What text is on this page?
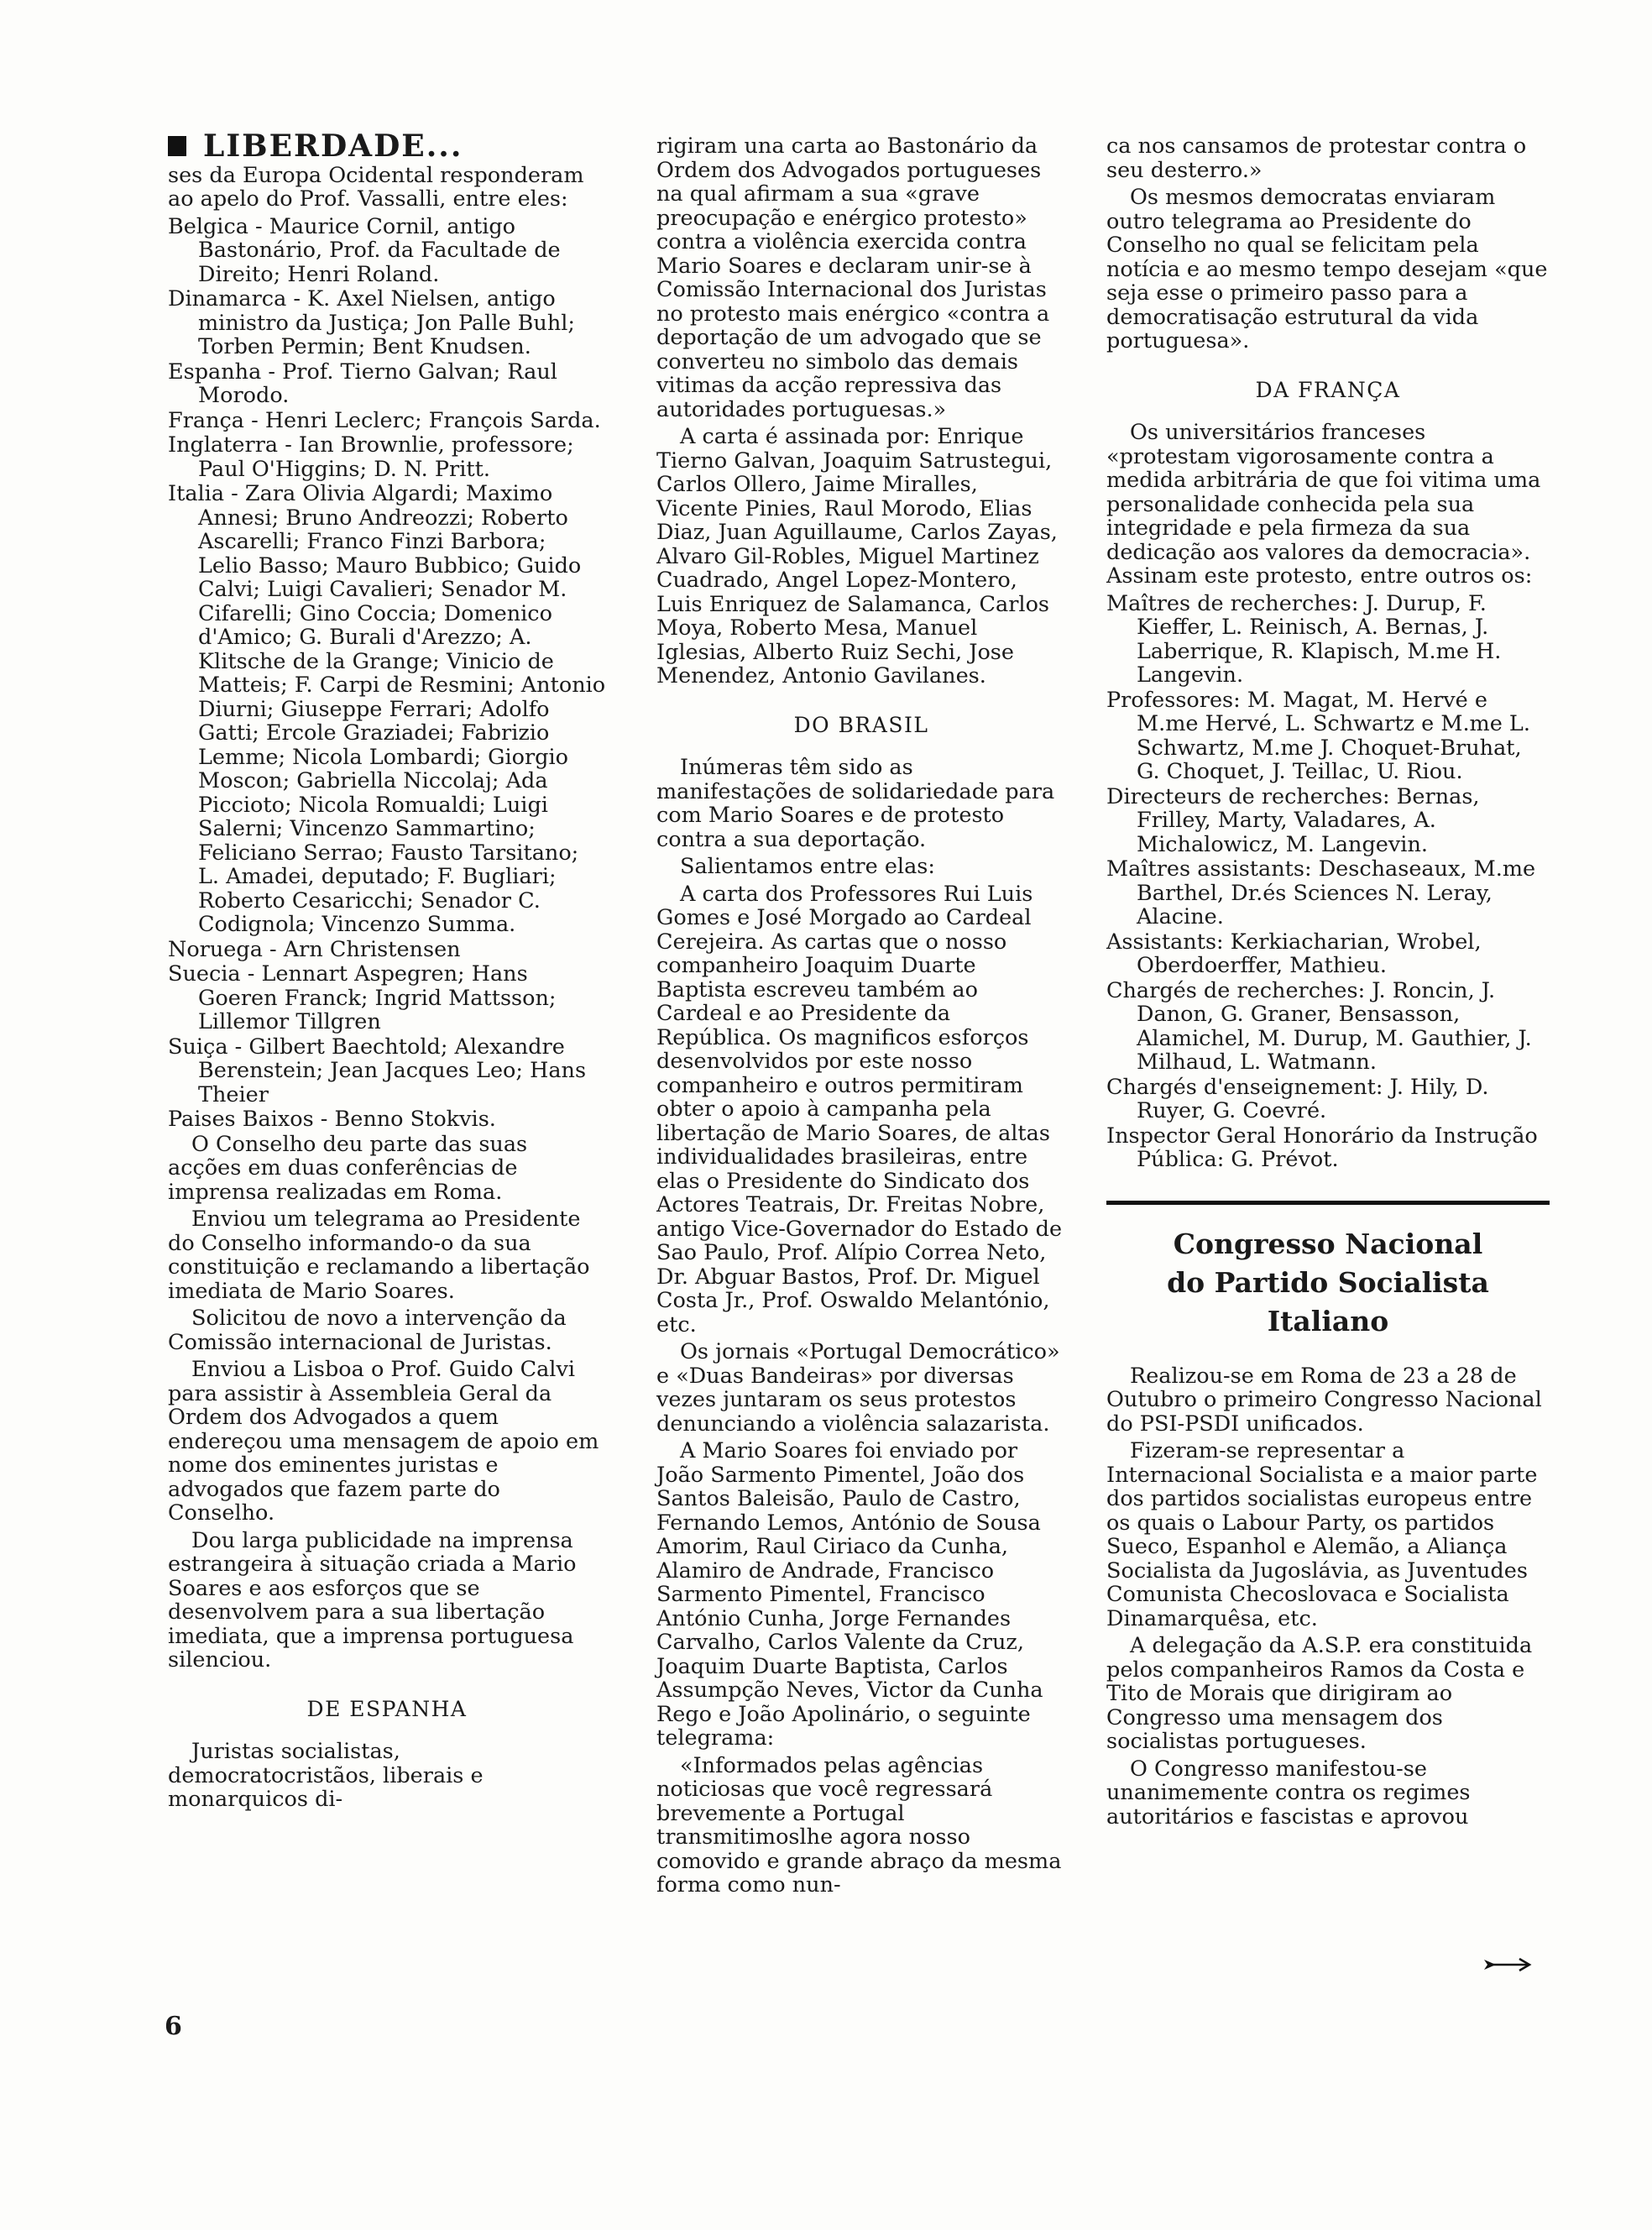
LIBERDADE...

ses da Europa Ocidental responderam ao apelo do Prof. Vassalli, entre eles:

Belgica - Maurice Cornil, antigo Bastonário, Prof. da Facultade de Direito; Henri Roland.

Dinamarca - K. Axel Nielsen, antigo ministro da Justiça; Jon Palle Buhl; Torben Permin; Bent Knudsen.

Espanha - Prof. Tierno Galvan; Raul Morodo.

França - Henri Leclerc; François Sarda.

Inglaterra - Ian Brownlie, professore; Paul O'Higgins; D. N. Pritt.

Italia - Zara Olivia Algardi; Maximo Annesi; Bruno Andreozzi; Roberto Ascarelli; Franco Finzi Barbora; Lelio Basso; Mauro Bubbico; Guido Calvi; Luigi Cavalieri; Senador M. Cifarelli; Gino Coccia; Domenico d'Amico; G. Burali d'Arezzo; A. Klitsche de la Grange; Vinicio de Matteis; F. Carpi de Resmini; Antonio Diurni; Giuseppe Ferrari; Adolfo Gatti; Ercole Graziadei; Fabrizio Lemme; Nicola Lombardi; Giorgio Moscon; Gabriella Niccolaj; Ada Piccioto; Nicola Romualdi; Luigi Salerni; Vincenzo Sammartino; Feliciano Serrao; Fausto Tarsitano; L. Amadei, deputado; F. Bugliari; Roberto Cesaricchi; Senador C. Codignola; Vincenzo Summa.

Noruega - Arn Christensen

Suecia - Lennart Aspegren; Hans Goeren Franck; Ingrid Mattsson; Lillemor Tillgren

Suiça - Gilbert Baechtold; Alexandre Berenstein; Jean Jacques Leo; Hans Theier

Paises Baixos - Benno Stokvis.

O Conselho deu parte das suas acções em duas conferências de imprensa realizadas em Roma.

Enviou um telegrama ao Presidente do Conselho informando-o da sua constituição e reclamando a libertação imediata de Mario Soares.

Solicitou de novo a intervenção da Comissão internacional de Juristas.

Enviou a Lisboa o Prof. Guido Calvi para assistir à Assembleia Geral da Ordem dos Advogados a quem endereçou uma mensagem de apoio em nome dos eminentes juristas e advogados que fazem parte do Conselho.

Dou larga publicidade na imprensa estrangeira à situação criada a Mario Soares e aos esforços que se desenvolvem para a sua libertação imediata, que a imprensa portuguesa silenciou.

DE ESPANHA

Juristas socialistas, democratocristãos, liberais e monarquicos di-

rigiram una carta ao Bastonário da Ordem dos Advogados portugueses na qual afirmam a sua «grave preocupação e enérgico protesto» contra a violência exercida contra Mario Soares e declaram unir-se à Comissão Internacional dos Juristas no protesto mais enérgico «contra a deportação de um advogado que se converteu no simbolo das demais vitimas da acção repressiva das autoridades portuguesas.»

A carta é assinada por: Enrique Tierno Galvan, Joaquim Satrustegui, Carlos Ollero, Jaime Miralles, Vicente Pinies, Raul Morodo, Elias Diaz, Juan Aguillaume, Carlos Zayas, Alvaro Gil-Robles, Miguel Martinez Cuadrado, Angel Lopez-Montero, Luis Enriquez de Salamanca, Carlos Moya, Roberto Mesa, Manuel Iglesias, Alberto Ruiz Sechi, Jose Menendez, Antonio Gavilanes.

DO BRASIL

Inúmeras têm sido as manifestações de solidariedade para com Mario Soares e de protesto contra a sua deportação.

Salientamos entre elas:

A carta dos Professores Rui Luis Gomes e José Morgado ao Cardeal Cerejeira. As cartas que o nosso companheiro Joaquim Duarte Baptista escreveu também ao Cardeal e ao Presidente da República. Os magnificos esforços desenvolvidos por este nosso companheiro e outros permitiram obter o apoio à campanha pela libertação de Mario Soares, de altas individualidades brasileiras, entre elas o Presidente do Sindicato dos Actores Teatrais, Dr. Freitas Nobre, antigo Vice-Governador do Estado de Sao Paulo, Prof. Alípio Correa Neto, Dr. Abguar Bastos, Prof. Dr. Miguel Costa Jr., Prof. Oswaldo Melantónio, etc.

Os jornais «Portugal Democrático» e «Duas Bandeiras» por diversas vezes juntaram os seus protestos denunciando a violência salazarista.

A Mario Soares foi enviado por João Sarmento Pimentel, João dos Santos Baleisão, Paulo de Castro, Fernando Lemos, António de Sousa Amorim, Raul Ciriaco da Cunha, Alamiro de Andrade, Francisco Sarmento Pimentel, Francisco António Cunha, Jorge Fernandes Carvalho, Carlos Valente da Cruz, Joaquim Duarte Baptista, Carlos Assumpção Neves, Victor da Cunha Rego e João Apolinário, o seguinte telegrama:

«Informados pelas agências noticiosas que você regressará brevemente a Portugal transmitimoslhe agora nosso comovido e grande abraço da mesma forma como nun-

ca nos cansamos de protestar contra o seu desterro.»

Os mesmos democratas enviaram outro telegrama ao Presidente do Conselho no qual se felicitam pela notícia e ao mesmo tempo desejam «que seja esse o primeiro passo para a democratisação estrutural da vida portuguesa».

DA FRANÇA

Os universitários franceses «protestam vigorosamente contra a medida arbitrária de que foi vitima uma personalidade conhecida pela sua integridade e pela firmeza da sua dedicação aos valores da democracia». Assinam este protesto, entre outros os:

Maîtres de recherches: J. Durup, F. Kieffer, L. Reinisch, A. Bernas, J. Laberrique, R. Klapisch, M.me H. Langevin.

Professores: M. Magat, M. Hervé e M.me Hervé, L. Schwartz e M.me L. Schwartz, M.me J. Choquet-Bruhat, G. Choquet, J. Teillac, U. Riou.

Directeurs de recherches: Bernas, Frilley, Marty, Valadares, A. Michalowicz, M. Langevin.

Maîtres assistants: Deschaseaux, M.me Barthel, Dr.és Sciences N. Leray, Alacine.

Assistants: Kerkiacharian, Wrobel, Oberdoerffer, Mathieu.

Chargés de recherches: J. Roncin, J. Danon, G. Graner, Bensasson, Alamichel, M. Durup, M. Gauthier, J. Milhaud, L. Watmann.

Chargés d'enseignement: J. Hily, D. Ruyer, G. Coevré.

Inspector Geral Honorário da Instrução Pública: G. Prévot.

Congresso Nacional
do Partido Socialista Italiano

Realizou-se em Roma de 23 a 28 de Outubro o primeiro Congresso Nacional do PSI-PSDI unificados.

Fizeram-se representar a Internacional Socialista e a maior parte dos partidos socialistas europeus entre os quais o Labour Party, os partidos Sueco, Espanhol e Alemão, a Aliança Socialista da Jugoslávia, as Juventudes Comunista Checoslovaca e Socialista Dinamarquêsa, etc.

A delegação da A.S.P. era constituida pelos companheiros Ramos da Costa e Tito de Morais que dirigiram ao Congresso uma mensagem dos socialistas portugueses.

O Congresso manifestou-se unanimemente contra os regimes autoritários e fascistas e aprovou

6
